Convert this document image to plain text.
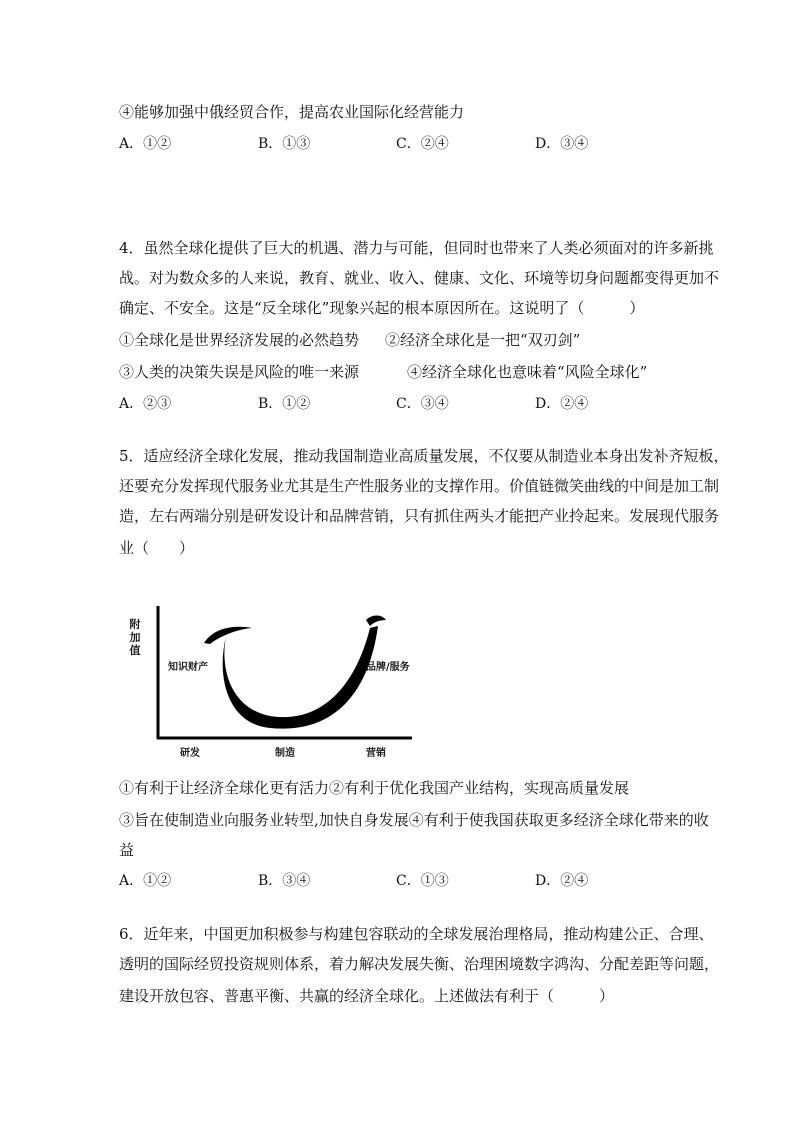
④能够加强中俄经贸合作，提高农业国际化经营能力
A．①②	B．①③	C．②④	D．③④
4．虽然全球化提供了巨大的机遇、潜力与可能，但同时也带来了人类必须面对的许多新挑
战。对为数众多的人来说，教育、就业、收入、健康、文化、环境等切身问题都变得更加不
确定、不安全。这是“反全球化”现象兴起的根本原因所在。这说明了（　　　）
①全球化是世界经济发展的必然趋势 ②经济全球化是一把“双刃剑”
③人类的决策失误是风险的唯一来源	④经济全球化也意味着“风险全球化”
A．②③	B．①②	C．③④	D．②④
5．适应经济全球化发展，推动我国制造业高质量发展，不仅要从制造业本身出发补齐短板，
还要充分发挥现代服务业尤其是生产性服务业的支撑作用。价值链微笑曲线的中间是加工制
造，左右两端分别是研发设计和品牌营销，只有抓住两头才能把产业拎起来。发展现代服务
业（　　）
附加值
知识财产	品牌/服务
研发	制造	营销
①有利于让经济全球化更有活力②有利于优化我国产业结构，实现高质量发展
③旨在使制造业向服务业转型,加快自身发展④有利于使我国获取更多经济全球化带来的收
益
A．①②	B．③④	C．①③	D．②④
6．近年来，中国更加积极参与构建包容联动的全球发展治理格局，推动构建公正、合理、
透明的国际经贸投资规则体系，着力解决发展失衡、治理困境数字鸿沟、分配差距等问题，
建设开放包容、普惠平衡、共赢的经济全球化。上述做法有利于（　　　）
